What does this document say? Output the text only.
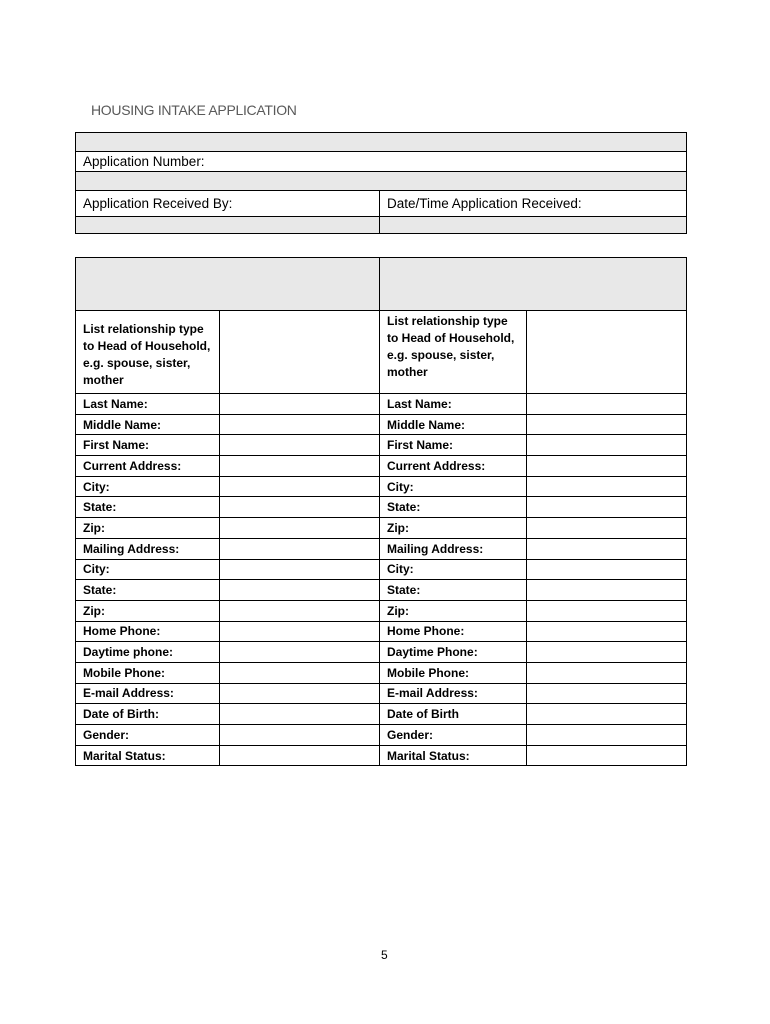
HOUSING INTAKE APPLICATION

Application Number:	

Application Received By:	Date/Time Application Received:

List relationship type to Head of Household, e.g. spouse, sister, mother		List relationship type to Head of Household, e.g. spouse, sister, mother	
Last Name:		Last Name:	
Middle Name:		Middle Name:	
First Name:		First Name:	
Current Address:		Current Address:	
City:		City:	
State:		State:	
Zip:		Zip:	
Mailing Address:		Mailing Address:	
City:		City:	
State:		State:	
Zip:		Zip:	
Home Phone:		Home Phone:	
Daytime phone:		Daytime Phone:	
Mobile Phone:		Mobile Phone:	
E-mail Address:		E-mail Address:	
Date of Birth:		Date of Birth	
Gender:		Gender:	
Marital Status:		Marital Status:	
5
